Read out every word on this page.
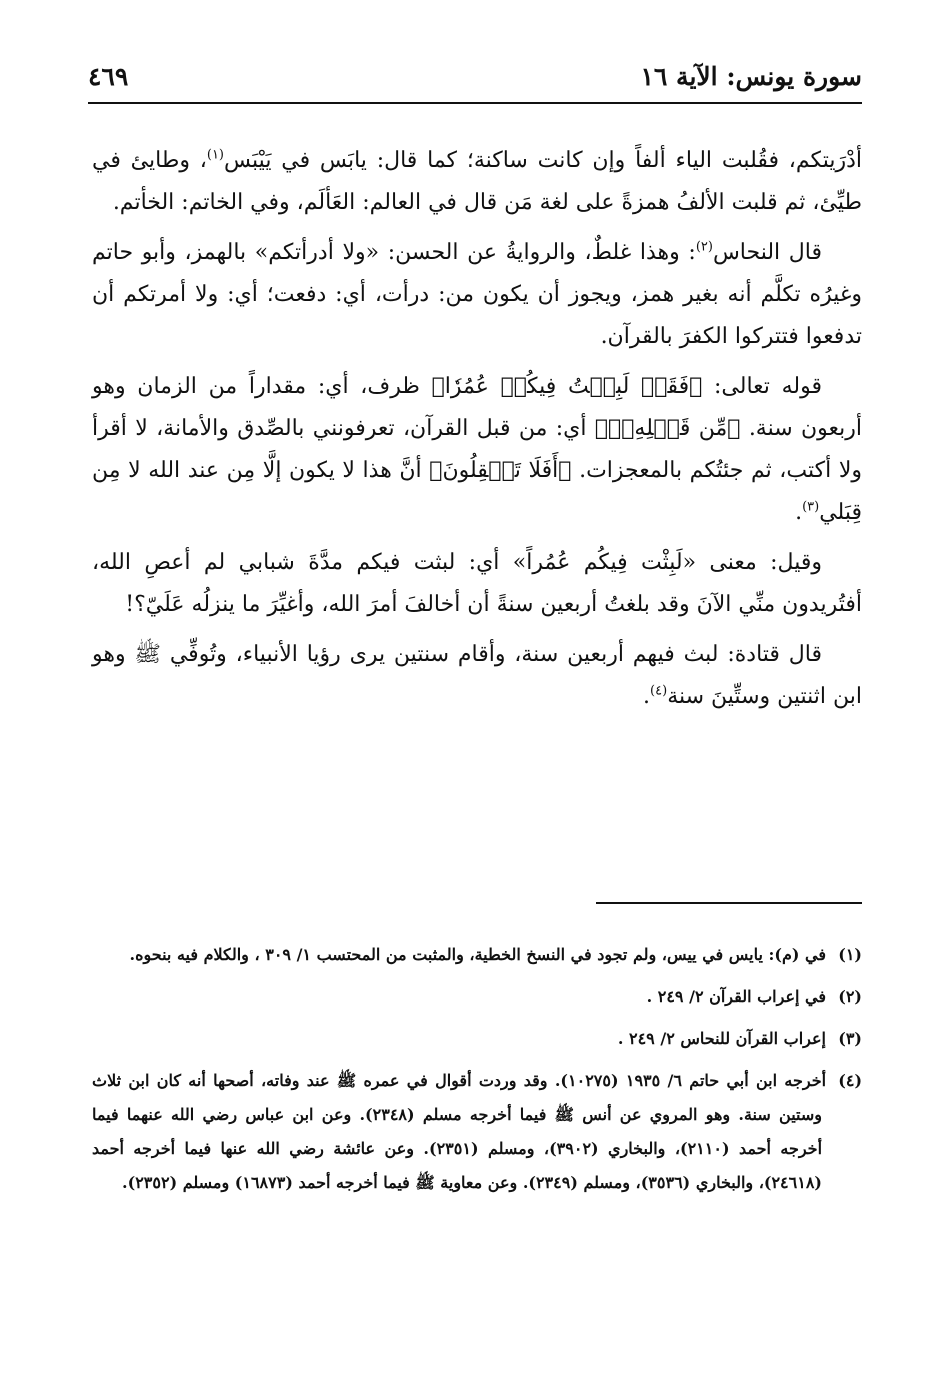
سورة يونس: الآية ١٦
٤٦٩

أدْرَيتكم، فقُلبت الياء ألفاً وإن كانت ساكنة؛ كما قال: يابَس في يَيْبَس$^{(١)}$، وطايئ في طيِّئ، ثم قلبت الألفُ همزةً على لغة مَن قال في العالم: العَألَم، وفي الخاتم: الخأتم.

قال النحاس$^{(٢)}$: وهذا غلطٌ، والروايةُ عن الحسن: «ولا أدرأتكم» بالهمز، وأبو حاتم وغيرُه تكلَّم أنه بغير همز، ويجوز أن يكون من: درأت، أي: دفعت؛ أي: ولا أمرتكم أن تدفعوا فتتركوا الكفرَ بالقرآن.

قوله تعالى: ﴿فَقَدۡ لَبِثۡتُ فِيكُمۡ عُمُرٗا﴾ ظرف، أي: مقداراً من الزمان وهو أربعون سنة. ﴿مِّن قَبۡلِهِۦٓ﴾ أي: من قبل القرآن، تعرفونني بالصِّدق والأمانة، لا أقرأ ولا أكتب، ثم جئتُكم بالمعجزات. ﴿أَفَلَا تَعۡقِلُونَ﴾ أنَّ هذا لا يكون إلَّا مِن عند الله لا مِن قِبَلي$^{(٣)}$.

وقيل: معنى «لَبِثْت فِيكُم عُمُراً» أي: لبثت فيكم مدَّةَ شبابي لم أعصِ الله، أفتُريدون منِّي الآنَ وقد بلغتُ أربعين سنةً أن أخالفَ أمرَ الله، وأغيِّرَ ما ينزلُه عَلَيّ؟!

قال قتادة: لبث فيهم أربعين سنة، وأقام سنتين يرى رؤيا الأنبياء، وتُوفِّي ﷺ وهو ابن اثنتين وستِّينَ سنة$^{(٤)}$.

(١)في (م): يايس في ييس، ولم تجود في النسخ الخطية، والمثبت من المحتسب ١/ ٣٠٩ ، والكلام فيه بنحوه.
(٢)في إعراب القرآن ٢/ ٢٤٩ .
(٣)إعراب القرآن للنحاس ٢/ ٢٤٩ .
(٤)أخرجه ابن أبي حاتم ٦/ ١٩٣٥ (١٠٢٧٥). وقد وردت أقوال في عمره ﷺ عند وفاته، أصحها أنه كان ابن ثلاث وستين سنة. وهو المروي عن أنس ﷺ فيما أخرجه مسلم (٢٣٤٨). وعن ابن عباس رضي الله عنهما فيما أخرجه أحمد (٢١١٠)، والبخاري (٣٩٠٢)، ومسلم (٢٣٥١). وعن عائشة رضي الله عنها فيما أخرجه أحمد (٢٤٦١٨)، والبخاري (٣٥٣٦)، ومسلم (٢٣٤٩). وعن معاوية ﷺ فيما أخرجه أحمد (١٦٨٧٣) ومسلم (٢٣٥٢).
